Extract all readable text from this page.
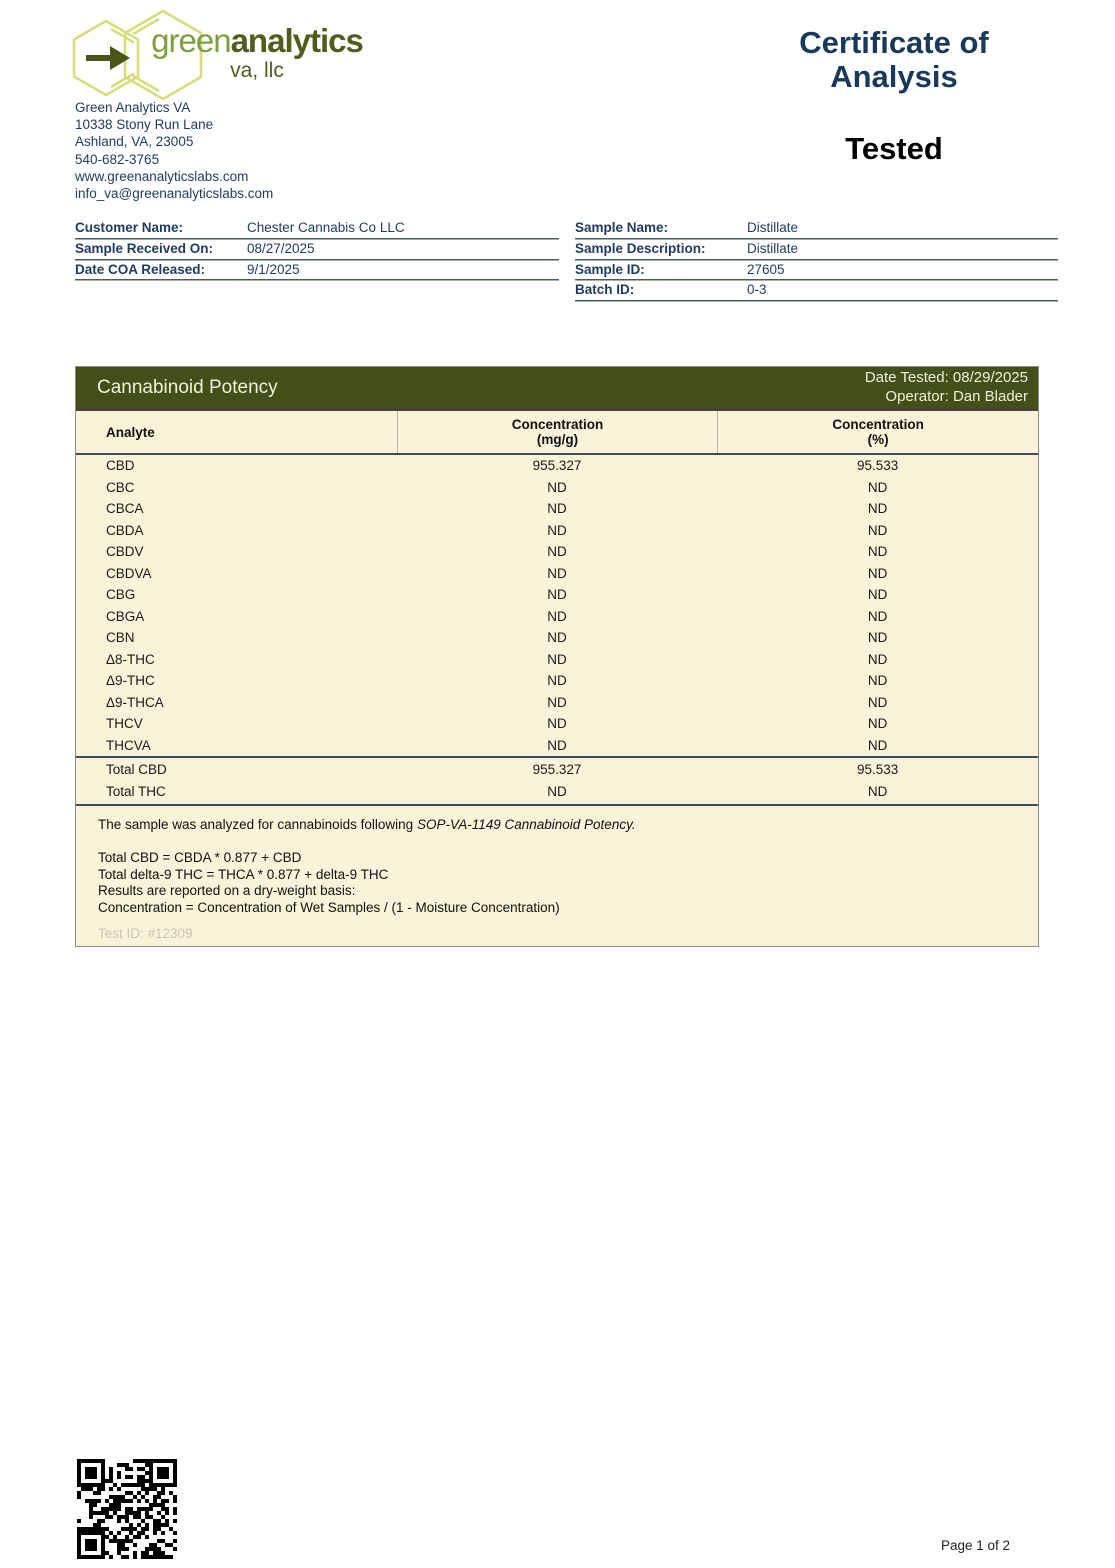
greenanalytics
va, llc
Green Analytics VA
10338 Stony Run Lane
Ashland, VA, 23005
540-682-3765
www.greenanalyticslabs.com
info_va@greenanalyticslabs.com
Certificate of
Analysis
Tested
Customer Name:	Chester Cannabis Co LLC
Sample Received On:	08/27/2025
Date COA Released:	9/1/2025
Sample Name:	Distillate
Sample Description:	Distillate
Sample ID:	27605
Batch ID:	0-3
Cannabinoid Potency	Date Tested: 08/29/2025
Operator: Dan Blader
Analyte
Concentration
(mg/g)
Concentration
(%)
CBD	955.327	95.533
CBC	ND	ND
CBCA	ND	ND
CBDA	ND	ND
CBDV	ND	ND
CBDVA	ND	ND
CBG	ND	ND
CBGA	ND	ND
CBN	ND	ND
Δ8-THC	ND	ND
Δ9-THC	ND	ND
Δ9-THCA	ND	ND
THCV	ND	ND
THCVA	ND	ND
Total CBD	955.327	95.533
Total THC	ND	ND

The sample was analyzed for cannabinoids following SOP-VA-1149 Cannabinoid Potency.

Total CBD = CBDA * 0.877 + CBD
Total delta-9 THC = THCA * 0.877 + delta-9 THC
Results are reported on a dry-weight basis:
Concentration = Concentration of Wet Samples / (1 - Moisture Concentration)
Test ID: #12309
Page 1 of 2
